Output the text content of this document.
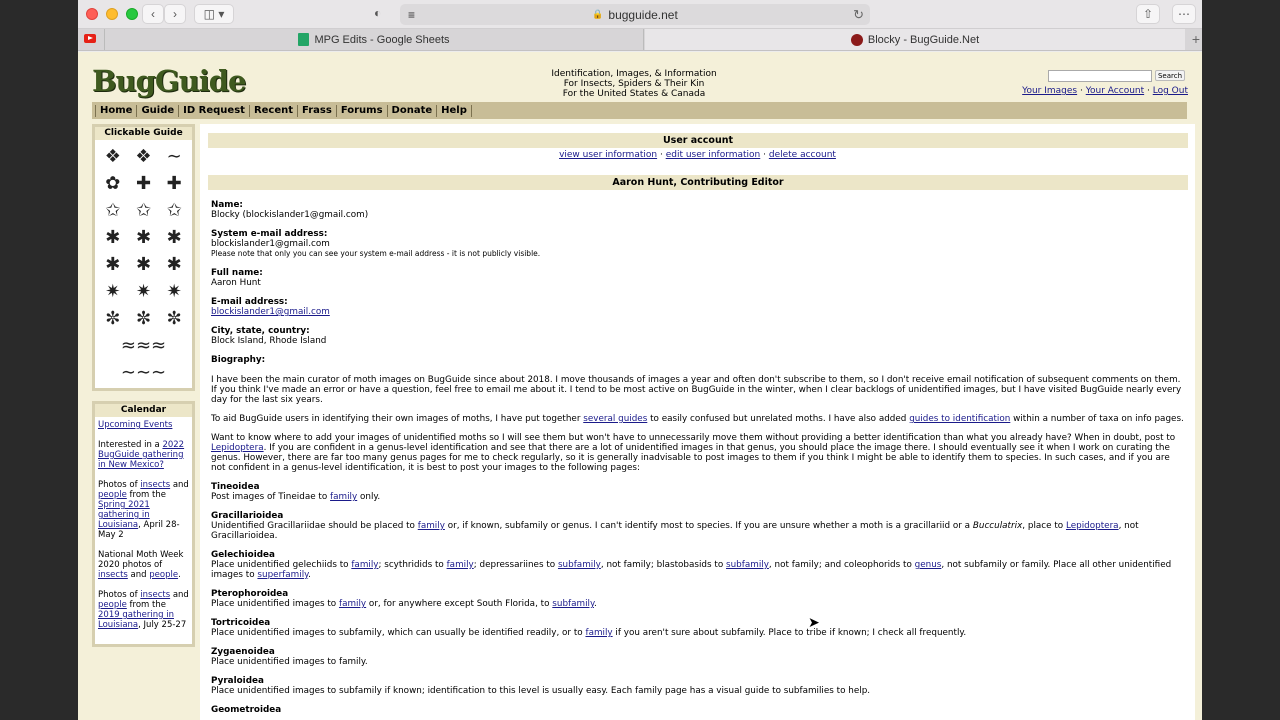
‹	›	◫ ▾	◐ ≡	🔒 bugguide.net	↻	⇧	⋯
MPG Edits - Google Sheets	Blocky - BugGuide.Net	+
BugGuide	Identification, Images, & Information
For Insects, Spiders & Their Kin
For the United States & Canada
Search
Your Images · Your Account · Log Out
Home Guide ID Request Recent Frass Forums Donate Help
Clickable Guide
❖ ❖ ∼
✿ ✚ ✚
✩ ✩ ✩
✱ ✱ ✱
✱ ✱ ✱
✷ ✷ ✷
✼ ✼ ✼
≈≈≈
∼∼∼
Calendar

Upcoming Events

Interested in a 2022 BugGuide gathering in New Mexico?

Photos of insects and people from the Spring 2021 gathering in Louisiana, April 28-May 2

National Moth Week 2020 photos of insects and people.

Photos of insects and people from the 2019 gathering in Louisiana, July 25-27

User account
view user information · edit user information · delete account
Aaron Hunt, Contributing Editor
Name:
Blocky (blockislander1@gmail.com)
System e-mail address:
blockislander1@gmail.com
Please note that only you can see your system e-mail address - it is not publicly visible.
Full name:
Aaron Hunt
E-mail address:
blockislander1@gmail.com
City, state, country:
Block Island, Rhode Island
Biography:
I have been the main curator of moth images on BugGuide since about 2018. I move thousands of images a year and often don't subscribe to them, so I don't receive email notification of subsequent comments on them. If you think I've made an error or have a question, feel free to email me about it. I tend to be most active on BugGuide in the winter, when I clear backlogs of unidentified images, but I have visited BugGuide nearly every day for the last six years.
To aid BugGuide users in identifying their own images of moths, I have put together several guides to easily confused but unrelated moths. I have also added guides to identification within a number of taxa on info pages.
Want to know where to add your images of unidentified moths so I will see them but won't have to unnecessarily move them without providing a better identification than what you already have? When in doubt, post to Lepidoptera. If you are confident in a genus-level identification and see that there are a lot of unidentified images in that genus, you should place the image there. I should eventually see it when I work on curating the genus. However, there are far too many genus pages for me to check regularly, so it is generally inadvisable to post images to them if you think I might be able to identify them to species. In such cases, and if you are not confident in a genus-level identification, it is best to post your images to the following pages:
Tineoidea
Post images of Tineidae to family only.
Gracillarioidea
Unidentified Gracillariidae should be placed to family or, if known, subfamily or genus. I can't identify most to species. If you are unsure whether a moth is a gracillariid or a Bucculatrix, place to Lepidoptera, not Gracillarioidea.
Gelechioidea
Place unidentified gelechiids to family; scythridids to family; depressariines to subfamily, not family; blastobasids to subfamily, not family; and coleophorids to genus, not subfamily or family. Place all other unidentified images to superfamily.
Pterophoroidea
Place unidentified images to family or, for anywhere except South Florida, to subfamily.
Tortricoidea
Place unidentified images to subfamily, which can usually be identified readily, or to family if you aren't sure about subfamily. Place to tribe if known; I check all frequently.
Zygaenoidea
Place unidentified images to family.
Pyraloidea
Place unidentified images to subfamily if known; identification to this level is usually easy. Each family page has a visual guide to subfamilies to help.
Geometroidea
➤
